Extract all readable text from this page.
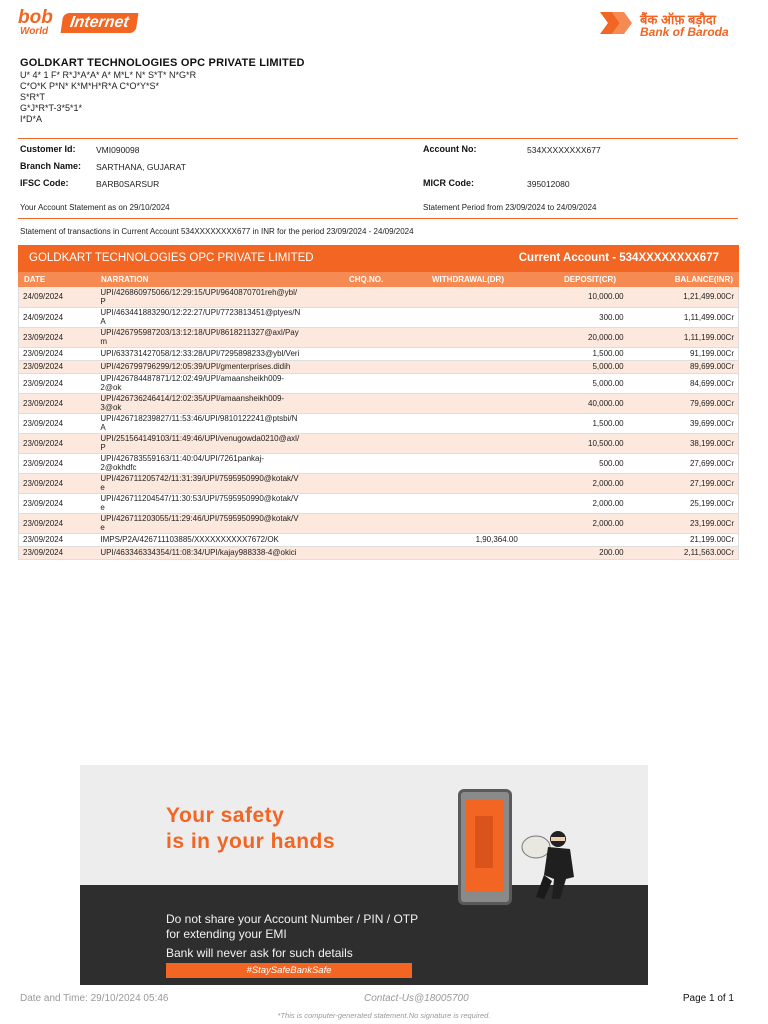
bob
World
Internet	बैंक ऑफ़ बड़ौदा
Bank of Baroda
GOLDKART TECHNOLOGIES OPC PRIVATE LIMITED
U* 4* 1 F* R*J*A*A* A* M*L* N* S*T* N*G*R
C*O*K P*N* K*M*H*R*A C*O*Y*S*
S*R*T
G*J*R*T-3*5*1*
I*D*A
Customer Id: VMI090098
Branch Name: SARTHANA, GUJARAT
IFSC Code:	BARB0SARSUR
Account No:	534XXXXXXXX677
MICR Code:	395012080
Your Account Statement as on 29/10/2024	Statement Period from 23/09/2024 to 24/09/2024
Statement of transactions in Current Account 534XXXXXXXX677 in INR for the period 23/09/2024 - 24/09/2024
GOLDKART TECHNOLOGIES OPC PRIVATE LIMITED	Current Account - 534XXXXXXXX677
DATE	NARRATION	CHQ.NO.	WITHDRAWAL(DR)	DEPOSIT(CR)	BALANCE(INR)
24/09/2024	UPI/426860975066/12:29:15/UPI/9640870701reh@ybl/
P			10,000.00	1,21,499.00Cr
24/09/2024	UPI/463441883290/12:22:27/UPI/7723813451@ptyes/N
A			300.00	1,11,499.00Cr
23/09/2024	UPI/426795987203/13:12:18/UPI/8618211327@axl/Pay
m			20,000.00	1,11,199.00Cr
23/09/2024	UPI/633731427058/12:33:28/UPI/7295898233@ybl/Veri			1,500.00	91,199.00Cr
23/09/2024	UPI/426799796299/12:05:39/UPI/gmenterprises.didih			5,000.00	89,699.00Cr
23/09/2024	UPI/426784487871/12:02:49/UPI/amaansheikh009-
2@ok			5,000.00	84,699.00Cr
23/09/2024	UPI/426736246414/12:02:35/UPI/amaansheikh009-
3@ok			40,000.00	79,699.00Cr
23/09/2024	UPI/426718239827/11:53:46/UPI/9810122241@ptsbi/N
A			1,500.00	39,699.00Cr
23/09/2024	UPI/251564149103/11:49:46/UPI/venugowda0210@axl/
P			10,500.00	38,199.00Cr
23/09/2024	UPI/426783559163/11:40:04/UPI/7261pankaj-
2@okhdfc			500.00	27,699.00Cr
23/09/2024	UPI/426711205742/11:31:39/UPI/7595950990@kotak/V
e			2,000.00	27,199.00Cr
23/09/2024	UPI/426711204547/11:30:53/UPI/7595950990@kotak/V
e			2,000.00	25,199.00Cr
23/09/2024	UPI/426711203055/11:29:46/UPI/7595950990@kotak/V
e			2,000.00	23,199.00Cr
23/09/2024	IMPS/P2A/426711103885/XXXXXXXXXX7672/OK		1,90,364.00		21,199.00Cr
23/09/2024	UPI/463346334354/11:08:34/UPI/kajay988338-4@okici			200.00	2,11,563.00Cr
Your safety
is in your hands
Do not share your Account Number / PIN / OTP
for extending your EMI
Bank will never ask for such details
#StaySafeBankSafe
Date and Time: 29/10/2024 05:46	Contact-Us@18005700	Page 1 of 1
*This is computer-generated statement.No signature is required.
